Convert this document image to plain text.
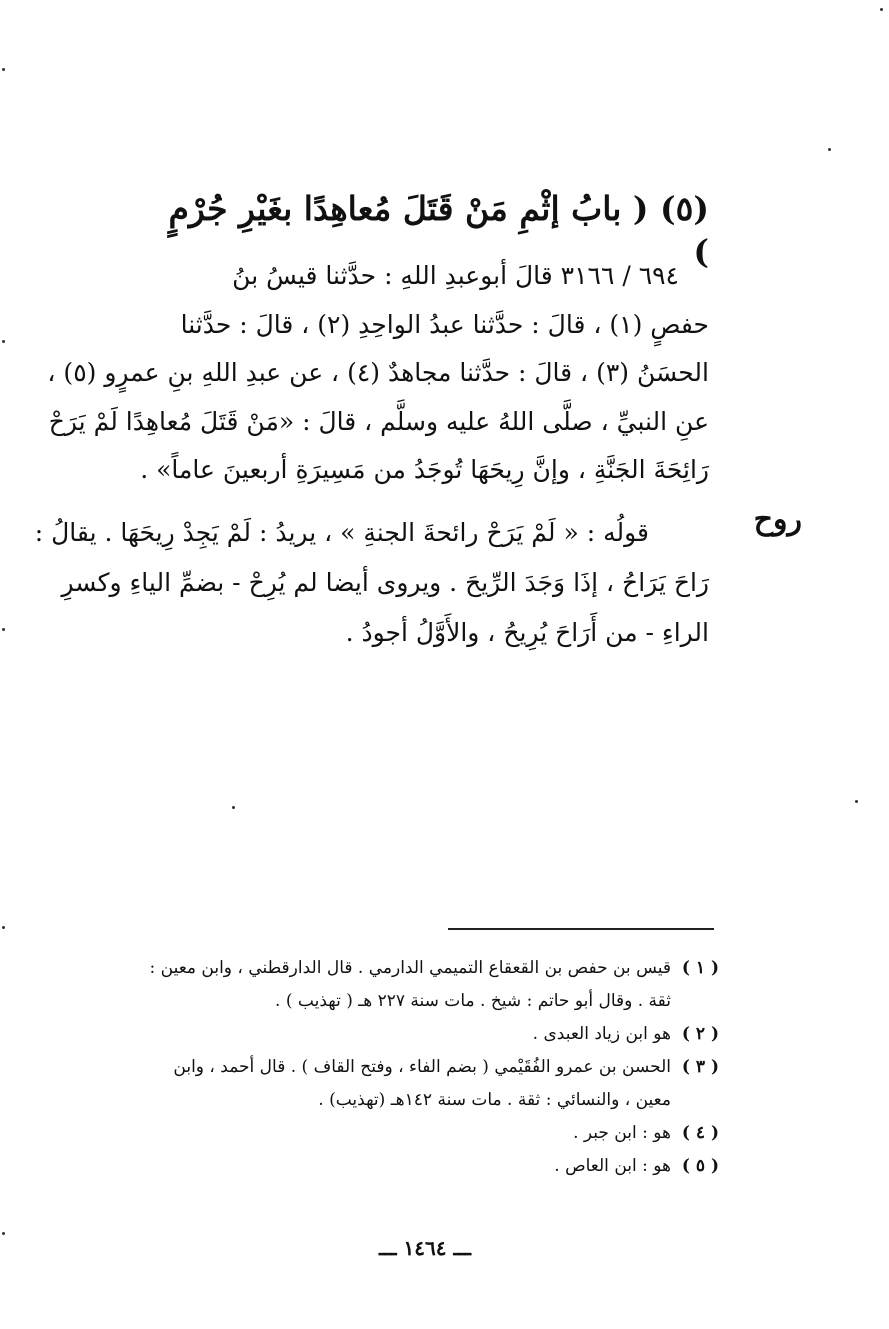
(٥) ( بابُ إثْمِ مَنْ قَتَلَ مُعاهِدًا بغَيْرِ جُرْمٍ )
٦٩٤ / ٣١٦٦ قالَ أبوعبدِ اللهِ : حدَّثنا قيسُ بنُ
حفصٍ (١) ، قالَ : حدَّثنا عبدُ الواحِدِ (٢) ، قالَ : حدَّثنا
الحسَنُ (٣) ، قالَ : حدَّثنا مجاهدٌ (٤) ، عن عبدِ اللهِ بنِ عمرٍو (٥) ،
عنِ النبيِّ ، صلَّى اللهُ عليه وسلَّم ، قالَ : «مَنْ قَتَلَ مُعاهِدًا لَمْ يَرَحْ
رَائِحَةَ الجَنَّةِ ، وإنَّ رِيحَهَا تُوجَدُ من مَسِيرَةِ أربعينَ عاماً» .
روح
قولُه : « لَمْ يَرَحْ رائحةَ الجنةِ » ، يريدُ : لَمْ يَجِدْ رِيحَهَا . يقالُ :
رَاحَ يَرَاحُ ، إذَا وَجَدَ الرِّيحَ . ويروى أيضا لم يُرِحْ - بضمِّ الياءِ وكسرِ
الراءِ - من أَرَاحَ يُرِيحُ ، والأَوَّلُ أجودُ .
( ١ )
قيس بن حفص بن القعقاع التميمي الدارمي . قال الدارقطني ، وابن معين :
ثقة . وقال أبو حاتم : شيخ . مات سنة ٢٢٧ هـ ( تهذيب ) .
( ٢ )
هو ابن زياد العبدى .
( ٣ )
الحسن بن عمرو الفُقَيْمي ( بضم الفاء ، وفتح القاف ) . قال أحمد ، وابن
معين ، والنسائي : ثقة . مات سنة ١٤٢هـ (تهذيب) .
( ٤ )
هو : ابن جبر .
( ٥ )
هو : ابن العاص .
ـــ ١٤٦٤ ـــ
